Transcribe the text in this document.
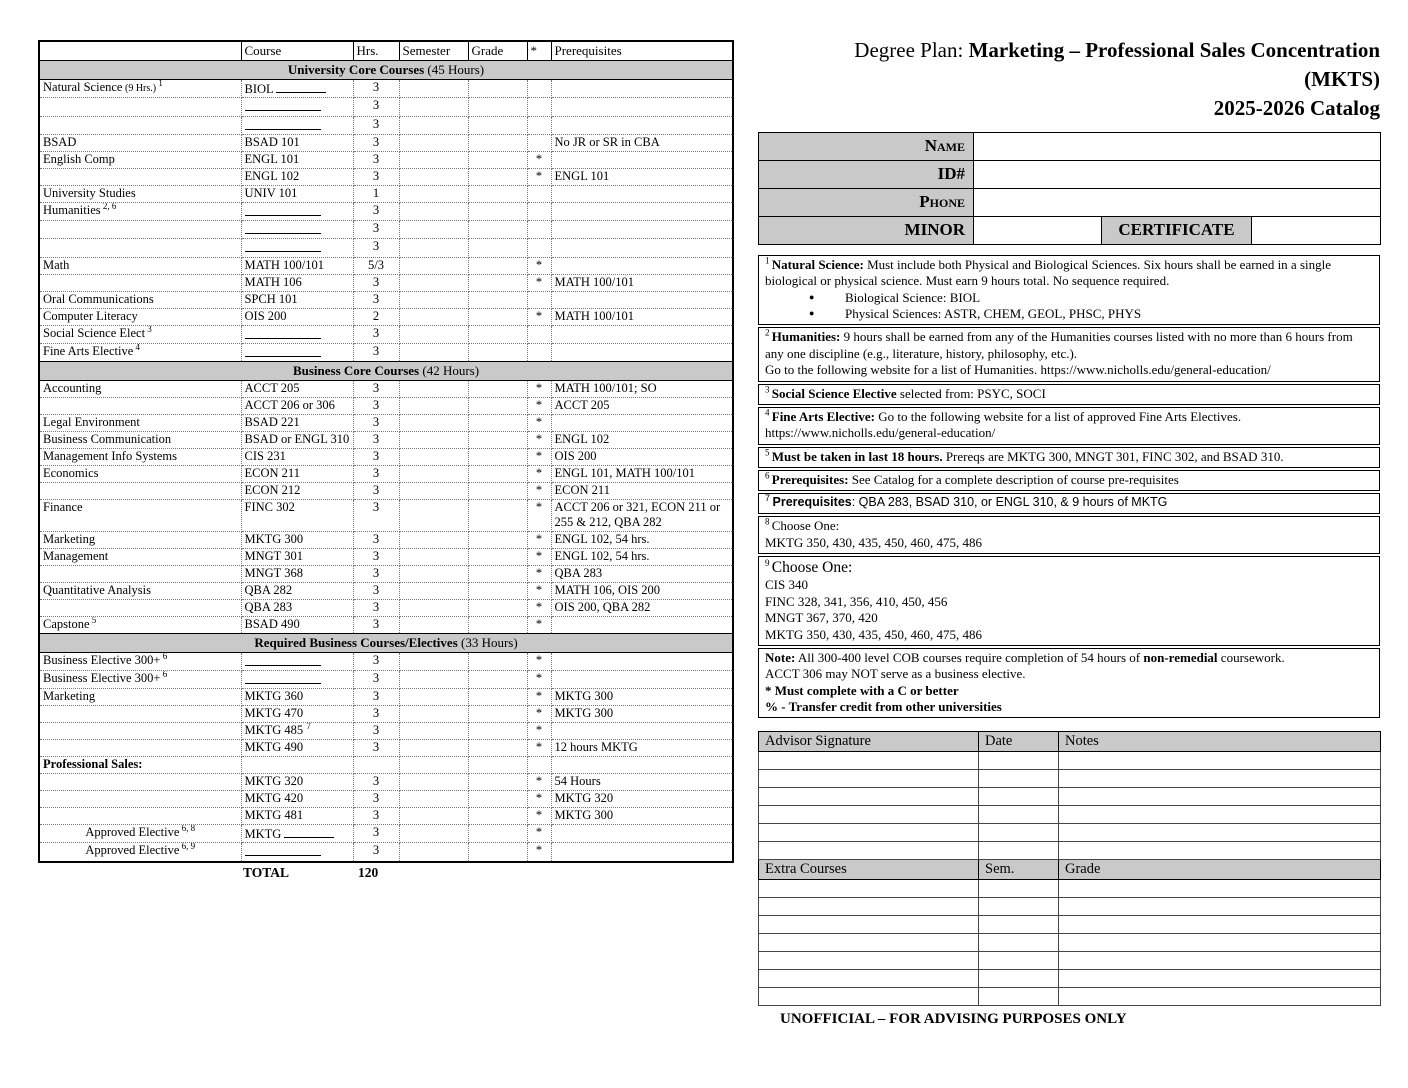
	Course	Hrs.	Semester	Grade	*	Prerequisites
University Core Courses (45 Hours)						
Natural Science (9 Hrs.) $^1$	BIOL	3				
		3				
		3				
BSAD	BSAD 101	3				No JR or SR in CBA
English Comp	ENGL 101	3			*	
	ENGL 102	3			*	ENGL 101
University Studies	UNIV 101	1				
Humanities $^{2, 6}$		3				
		3				
		3				
Math	MATH 100/101	5/3			*	
	MATH 106	3			*	MATH 100/101
Oral Communications	SPCH 101	3				
Computer Literacy	OIS 200	2			*	MATH 100/101
Social Science Elect $^3$		3				
Fine Arts Elective $^4$		3				
Business Core Courses (42 Hours)						
Accounting	ACCT 205	3			*	MATH 100/101; SO
	ACCT 206 or 306	3			*	ACCT 205
Legal Environment	BSAD 221	3			*	
Business Communication	BSAD or ENGL 310	3			*	ENGL 102
Management Info Systems	CIS 231	3			*	OIS 200
Economics	ECON 211	3			*	ENGL 101, MATH 100/101
	ECON 212	3			*	ECON 211
Finance	FINC 302	3			*	ACCT 206 or 321, ECON 211 or 255 & 212, QBA 282
Marketing	MKTG 300	3			*	ENGL 102, 54 hrs.
Management	MNGT 301	3			*	ENGL 102, 54 hrs.
	MNGT 368	3			*	QBA 283
Quantitative Analysis	QBA 282	3			*	MATH 106, OIS 200
	QBA 283	3			*	OIS 200, QBA 282
Capstone $^5$	BSAD 490	3			*	
Required Business Courses/Electives (33 Hours)						
Business Elective 300+ $^6$		3			*	
Business Elective 300+ $^6$		3			*	
Marketing	MKTG 360	3			*	MKTG 300
	MKTG 470	3			*	MKTG 300
	MKTG 485 $^7$	3			*	
	MKTG 490	3			*	12 hours MKTG
Professional Sales:						
	MKTG 320	3			*	54 Hours
	MKTG 420	3			*	MKTG 320
	MKTG 481	3			*	MKTG 300
Approved Elective $^{6, 8}$	MKTG	3			*	
Approved Elective $^{6, 9}$		3			*	
TOTAL	120
Degree Plan: Marketing – Professional Sales Concentration
(MKTS)
2025-2026 Catalog
Name			
ID#			
Phone			
MINOR		CERTIFICATE	
$^1$ Natural Science: Must include both Physical and Biological Sciences. Six hours shall be earned in a single biological or physical science. Must earn 9 hours total. No sequence required.
● Biological Science: BIOL
● Physical Sciences: ASTR, CHEM, GEOL, PHSC, PHYS
$^2$ Humanities: 9 hours shall be earned from any of the Humanities courses listed with no more than 6 hours from any one discipline (e.g., literature, history, philosophy, etc.).
Go to the following website for a list of Humanities. https://www.nicholls.edu/general-education/
$^3$ Social Science Elective selected from: PSYC, SOCI
$^4$ Fine Arts Elective: Go to the following website for a list of approved Fine Arts Electives.
https://www.nicholls.edu/general-education/
$^5$ Must be taken in last 18 hours. Prereqs are MKTG 300, MNGT 301, FINC 302, and BSAD 310.
$^6$ Prerequisites: See Catalog for a complete description of course pre-requisites
$^7$ Prerequisites: QBA 283, BSAD 310, or ENGL 310, & 9 hours of MKTG
$^8$ Choose One:
MKTG 350, 430, 435, 450, 460, 475, 486
$^9$ Choose One:
CIS 340
FINC 328, 341, 356, 410, 450, 456
MNGT 367, 370, 420
MKTG 350, 430, 435, 450, 460, 475, 486
Note: All 300-400 level COB courses require completion of 54 hours of non-remedial coursework.
ACCT 306 may NOT serve as a business elective.
* Must complete with a C or better
% - Transfer credit from other universities
Advisor Signature	Date	Notes

Extra Courses	Sem.	Grade

UNOFFICIAL – FOR ADVISING PURPOSES ONLY
